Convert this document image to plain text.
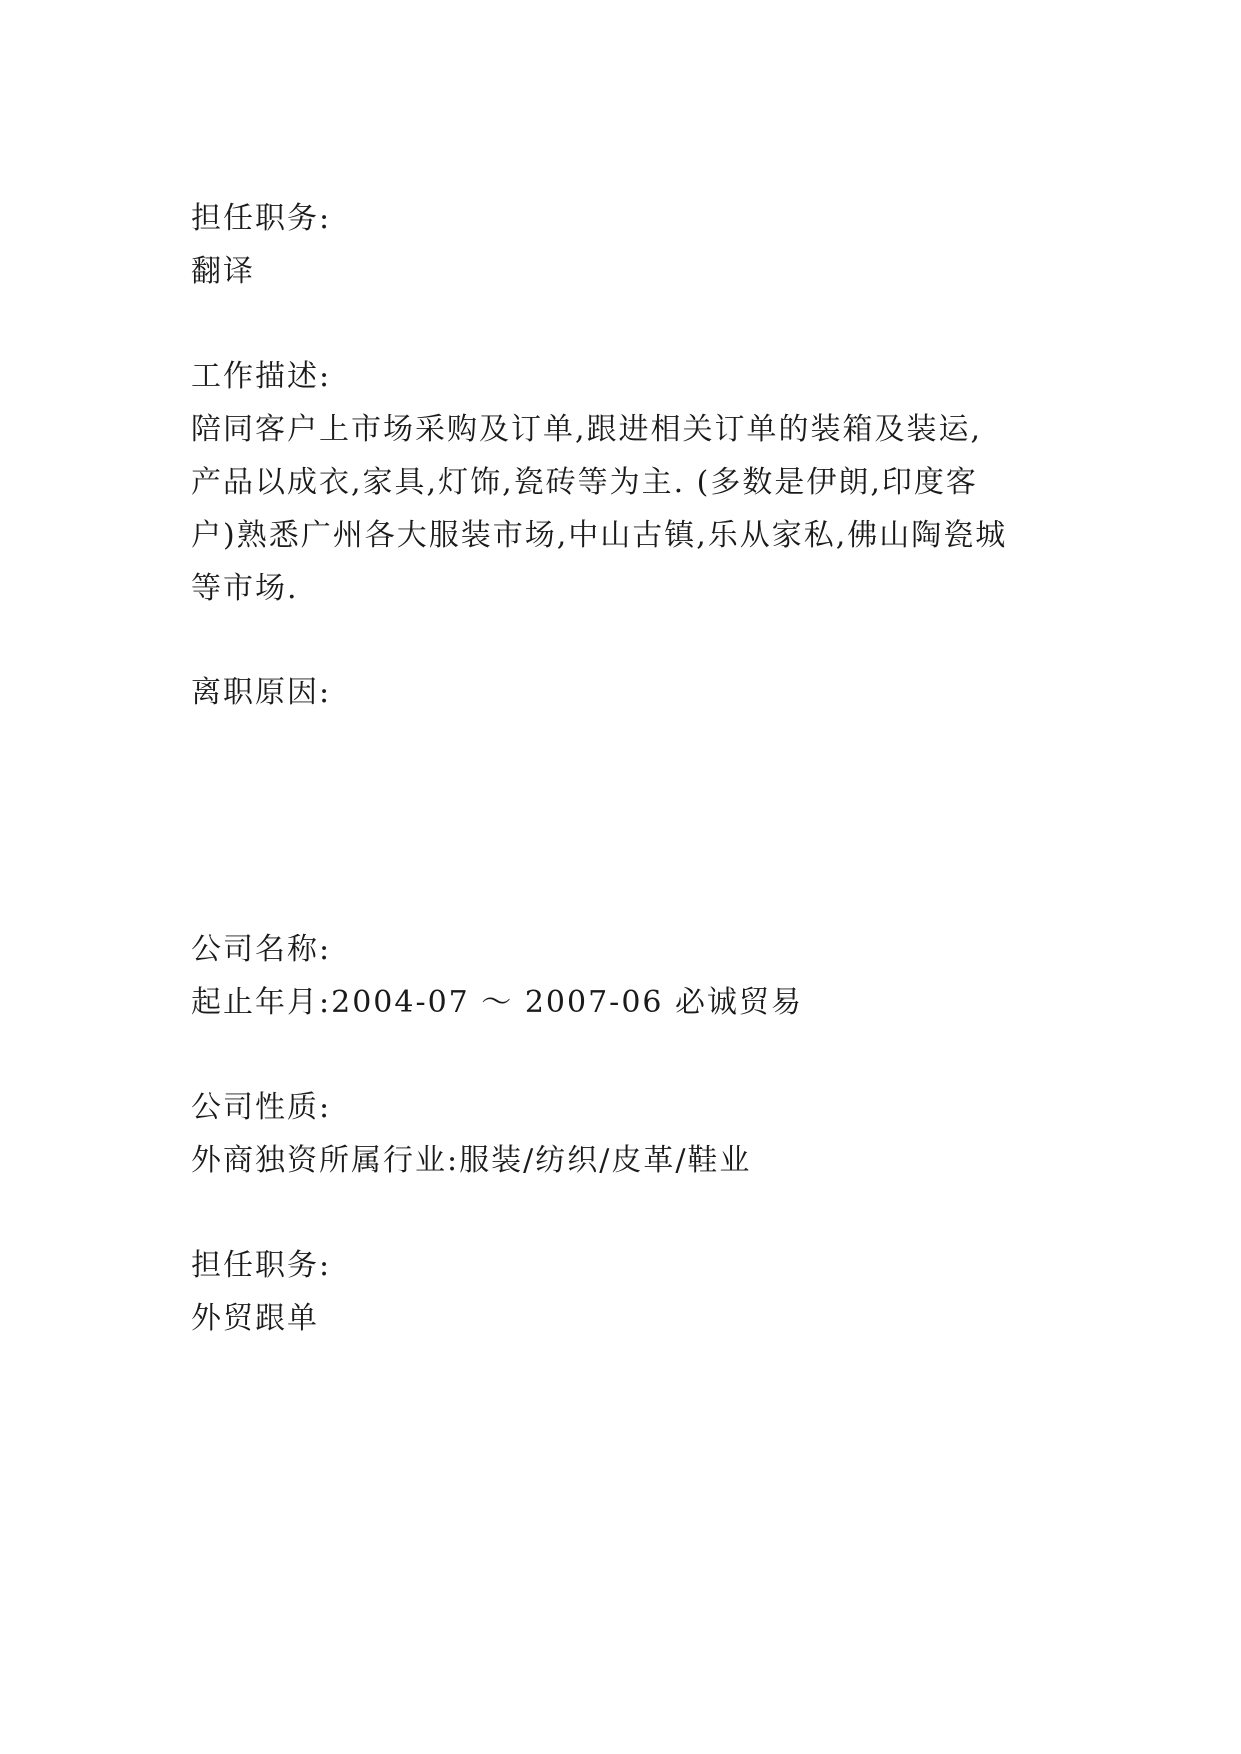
担任职务:
翻译
工作描述:
陪同客户上市场采购及订单,跟进相关订单的装箱及装运,
产品以成衣,家具,灯饰,瓷砖等为主. (多数是伊朗,印度客
户)熟悉广州各大服装市场,中山古镇,乐从家私,佛山陶瓷城
等市场.
离职原因:
公司名称:
起止年月:2004-07 ～ 2007-06 必诚贸易
公司性质:
外商独资所属行业:服装/纺织/皮革/鞋业
担任职务:
外贸跟单
